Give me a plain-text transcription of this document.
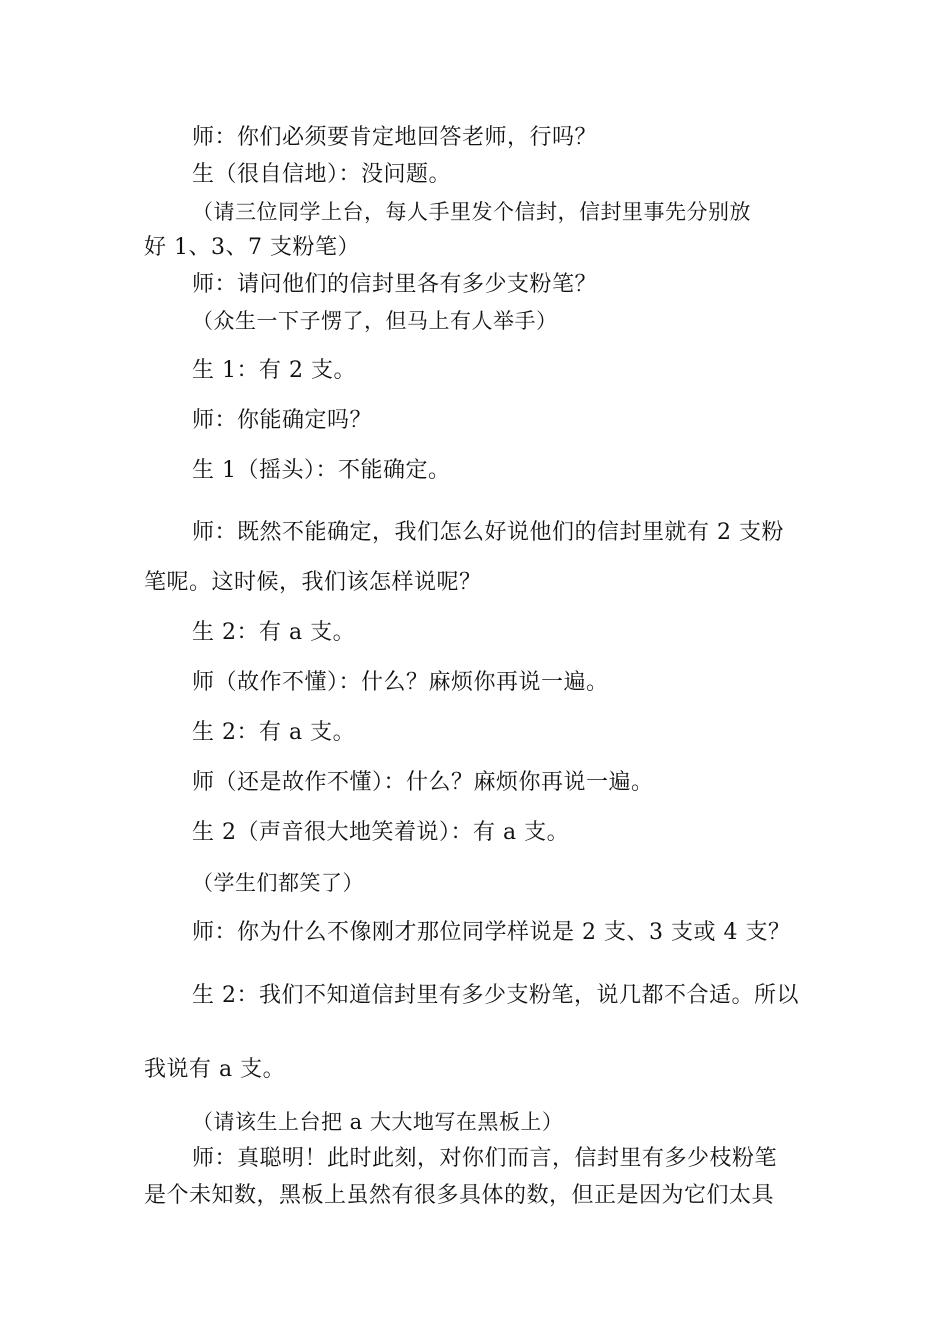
师：你们必须要肯定地回答老师，行吗？
生（很自信地）：没问题。
（请三位同学上台，每人手里发个信封，信封里事先分别放
好 1、3、7 支粉笔）
师：请问他们的信封里各有多少支粉笔？
（众生一下子愣了，但马上有人举手）
生 1：有 2 支。
师：你能确定吗？
生 1（摇头）：不能确定。
师：既然不能确定，我们怎么好说他们的信封里就有 2 支粉
笔呢。这时候，我们该怎样说呢？
生 2：有 a 支。
师（故作不懂）：什么？麻烦你再说一遍。
生 2：有 a 支。
师（还是故作不懂）：什么？麻烦你再说一遍。
生 2（声音很大地笑着说）：有 a 支。
（学生们都笑了）
师：你为什么不像刚才那位同学样说是 2 支、3 支或 4 支？
生 2：我们不知道信封里有多少支粉笔，说几都不合适。所以
我说有 a 支。
（请该生上台把 a 大大地写在黑板上）
师：真聪明！此时此刻，对你们而言，信封里有多少枝粉笔
是个未知数，黑板上虽然有很多具体的数，但正是因为它们太具
